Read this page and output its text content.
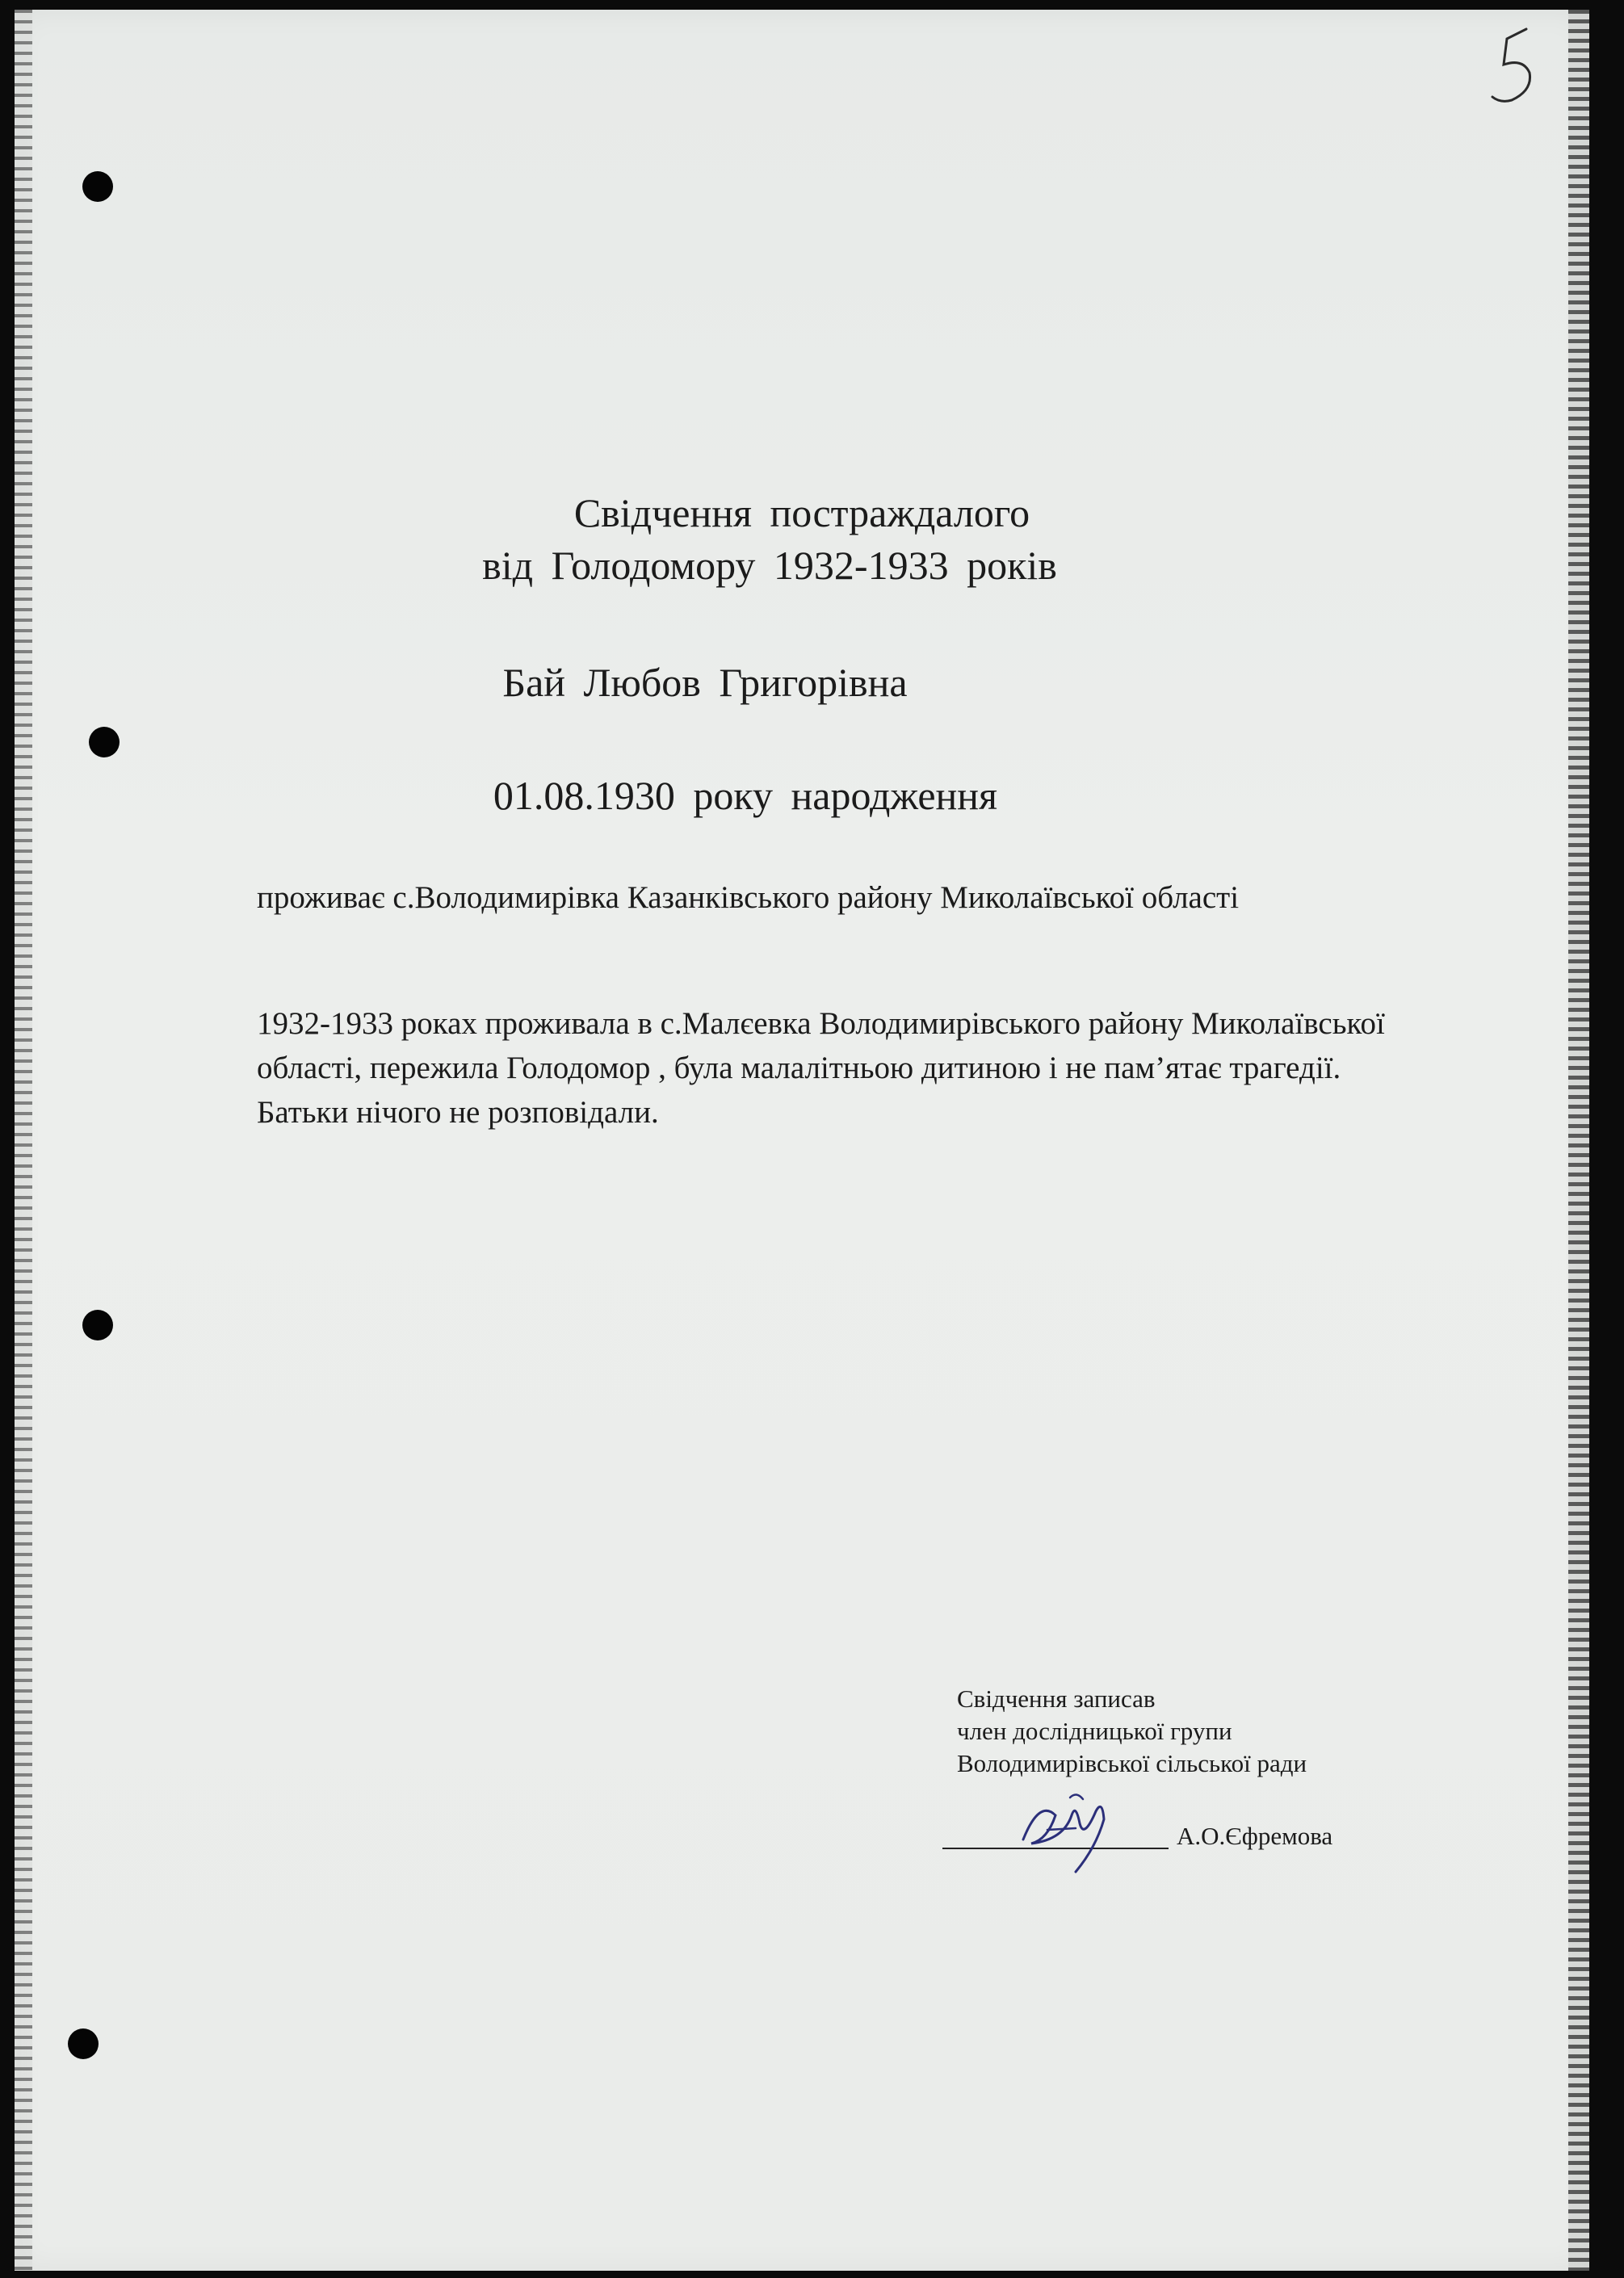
Свідчення постраждалого
від Голодомору 1932-1933 років
Бай Любов Григорівна
01.08.1930 року народження
проживає с.Володимирівка Казанківського району Миколаївської області
1932-1933 роках проживала в с.Малєевка Володимирівського району Миколаївської області, пережила Голодомор , була малалітньою дитиною і не пам’ятає трагедії. Батьки нічого не розповідали.
Свідчення записав
член дослідницької групи
Володимирівської сільської ради
А.О.Єфремова
